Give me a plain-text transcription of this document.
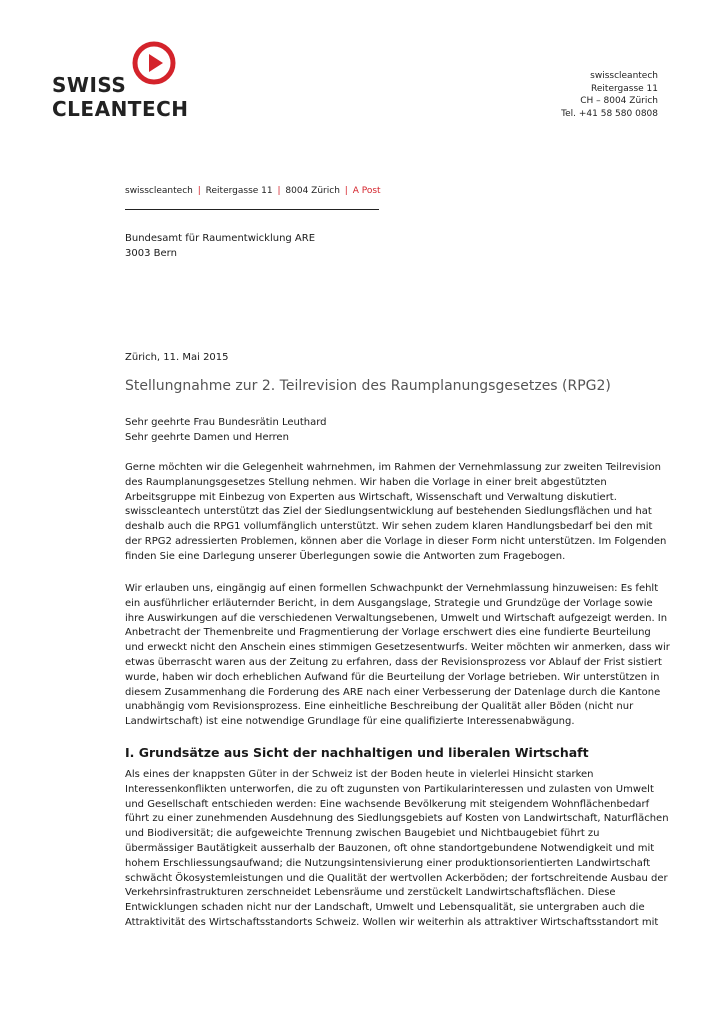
SWISS
CLEANTECH
swisscleantech
Reitergasse 11
CH – 8004 Zürich
Tel. +41 58 580 0808
swisscleantech | Reitergasse 11 | 8004 Zürich | A Post
Bundesamt für Raumentwicklung ARE
3003 Bern
Zürich, 11. Mai 2015
Stellungnahme zur 2. Teilrevision des Raumplanungsgesetzes (RPG2)
Sehr geehrte Frau Bundesrätin Leuthard
Sehr geehrte Damen und Herren
Gerne möchten wir die Gelegenheit wahrnehmen, im Rahmen der Vernehmlassung zur zweiten Teilrevision
des Raumplanungsgesetzes Stellung nehmen. Wir haben die Vorlage in einer breit abgestützten
Arbeitsgruppe mit Einbezug von Experten aus Wirtschaft, Wissenschaft und Verwaltung diskutiert.
swisscleantech unterstützt das Ziel der Siedlungsentwicklung auf bestehenden Siedlungsflächen und hat
deshalb auch die RPG1 vollumfänglich unterstützt. Wir sehen zudem klaren Handlungsbedarf bei den mit
der RPG2 adressierten Problemen, können aber die Vorlage in dieser Form nicht unterstützen. Im Folgenden
finden Sie eine Darlegung unserer Überlegungen sowie die Antworten zum Fragebogen.
Wir erlauben uns, eingängig auf einen formellen Schwachpunkt der Vernehmlassung hinzuweisen: Es fehlt
ein ausführlicher erläuternder Bericht, in dem Ausgangslage, Strategie und Grundzüge der Vorlage sowie
ihre Auswirkungen auf die verschiedenen Verwaltungsebenen, Umwelt und Wirtschaft aufgezeigt werden. In
Anbetracht der Themenbreite und Fragmentierung der Vorlage erschwert dies eine fundierte Beurteilung
und erweckt nicht den Anschein eines stimmigen Gesetzesentwurfs. Weiter möchten wir anmerken, dass wir
etwas überrascht waren aus der Zeitung zu erfahren, dass der Revisionsprozess vor Ablauf der Frist sistiert
wurde, haben wir doch erheblichen Aufwand für die Beurteilung der Vorlage betrieben. Wir unterstützen in
diesem Zusammenhang die Forderung des ARE nach einer Verbesserung der Datenlage durch die Kantone
unabhängig vom Revisionsprozess. Eine einheitliche Beschreibung der Qualität aller Böden (nicht nur
Landwirtschaft) ist eine notwendige Grundlage für eine qualifizierte Interessenabwägung.
I. Grundsätze aus Sicht der nachhaltigen und liberalen Wirtschaft
Als eines der knappsten Güter in der Schweiz ist der Boden heute in vielerlei Hinsicht starken
Interessenkonflikten unterworfen, die zu oft zugunsten von Partikularinteressen und zulasten von Umwelt
und Gesellschaft entschieden werden: Eine wachsende Bevölkerung mit steigendem Wohnflächenbedarf
führt zu einer zunehmenden Ausdehnung des Siedlungsgebiets auf Kosten von Landwirtschaft, Naturflächen
und Biodiversität; die aufgeweichte Trennung zwischen Baugebiet und Nichtbaugebiet führt zu
übermässiger Bautätigkeit ausserhalb der Bauzonen, oft ohne standortgebundene Notwendigkeit und mit
hohem Erschliessungsaufwand; die Nutzungsintensivierung einer produktionsorientierten Landwirtschaft
schwächt Ökosystemleistungen und die Qualität der wertvollen Ackerböden; der fortschreitende Ausbau der
Verkehrsinfrastrukturen zerschneidet Lebensräume und zerstückelt Landwirtschaftsflächen. Diese
Entwicklungen schaden nicht nur der Landschaft, Umwelt und Lebensqualität, sie untergraben auch die
Attraktivität des Wirtschaftsstandorts Schweiz. Wollen wir weiterhin als attraktiver Wirtschaftsstandort mit
